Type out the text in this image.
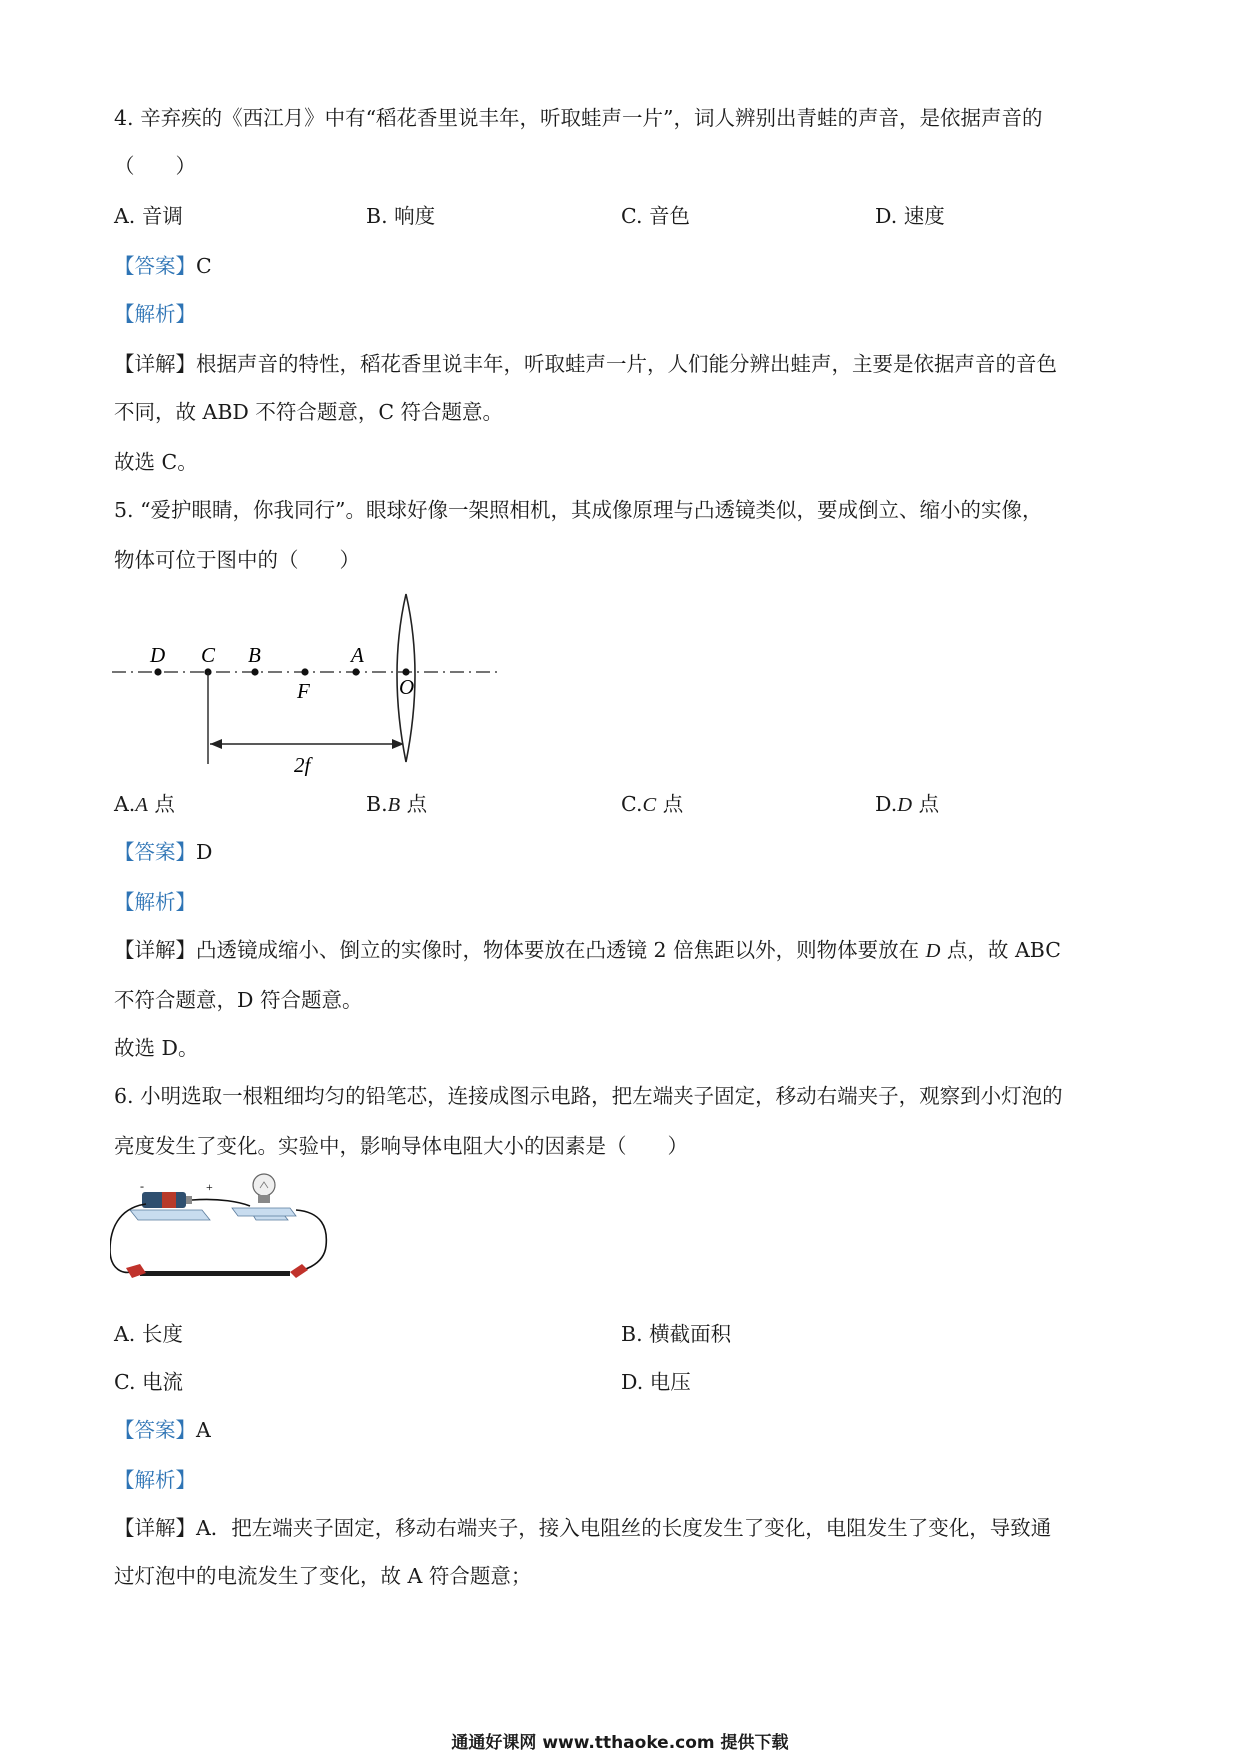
4. 辛弃疾的《西江月》中有“稻花香里说丰年，听取蛙声一片”，词人辨别出青蛙的声音，是依据声音的
（　　）
A. 音调	B. 响度	C. 音色	D. 速度
【答案】C
【解析】
【详解】根据声音的特性，稻花香里说丰年，听取蛙声一片，人们能分辨出蛙声，主要是依据声音的音色
不同，故 ABD 不符合题意，C 符合题意。
故选 C。
5. “爱护眼睛，你我同行”。眼球好像一架照相机，其成像原理与凸透镜类似，要成倒立、缩小的实像，
物体可位于图中的（　　）
D C B	A
F	O
2f
A.A 点	B.B 点	C.C 点	D.D 点
【答案】D
【解析】
【详解】凸透镜成缩小、倒立的实像时，物体要放在凸透镜 2 倍焦距以外，则物体要放在 D 点，故 ABC
不符合题意，D 符合题意。
故选 D。
6. 小明选取一根粗细均匀的铅笔芯，连接成图示电路，把左端夹子固定，移动右端夹子，观察到小灯泡的
亮度发生了变化。实验中，影响导体电阻大小的因素是（　　）
-	+
A. 长度	B. 横截面积
C. 电流	D. 电压
【答案】A
【解析】
【详解】A．把左端夹子固定，移动右端夹子，接入电阻丝的长度发生了变化，电阻发生了变化，导致通
过灯泡中的电流发生了变化，故 A 符合题意；
通通好课网 www.tthaoke.com 提供下载
